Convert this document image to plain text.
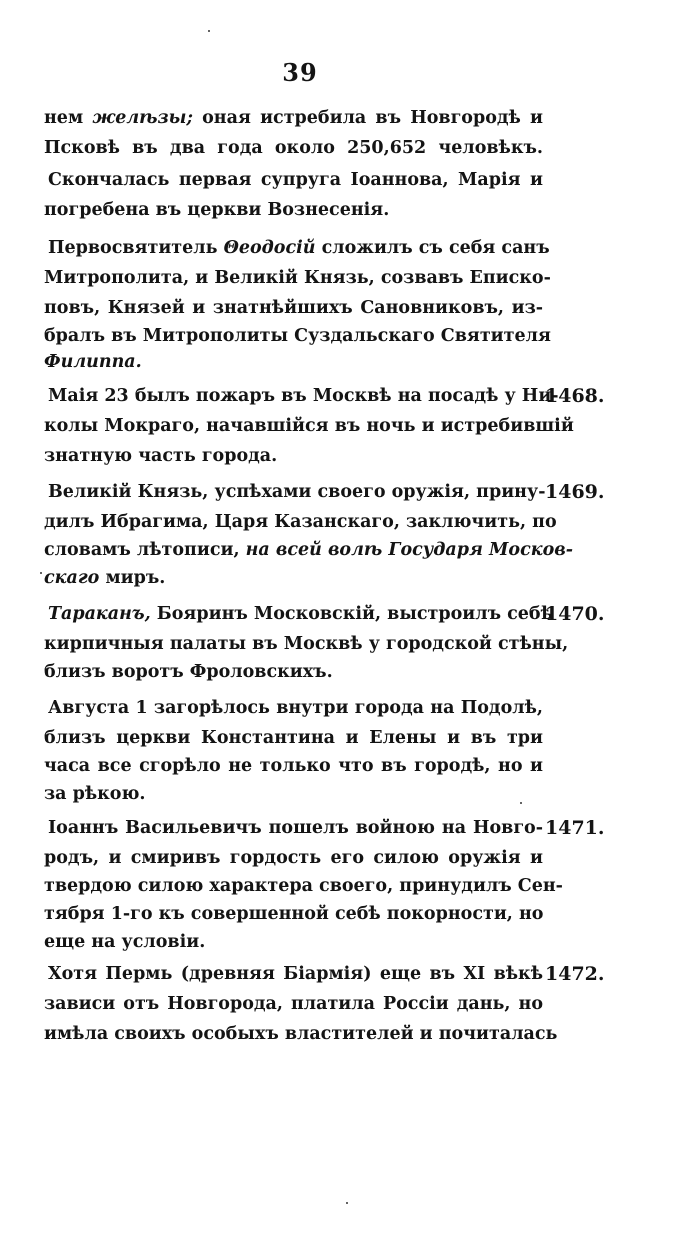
39
нем желѣзы; оная истребила въ Новгородѣ и
Псковѣ въ два года около 250,652 человѣкъ.
Скончалась первая супруга Іоаннова, Марія и
погребена въ церкви Вознесенія.
Первосвятитель Θеодосій сложилъ съ себя санъ
Митрополита, и Великій Князь, созвавъ Еписко-
повъ, Князей и знатнѣйшихъ Сановниковъ, из-
бралъ въ Митрополиты Суздальскаго Святителя
Филиппа.
Маія 23 былъ пожаръ въ Москвѣ на посадѣ у Ни-
1468.
колы Мокраго, начавшійся въ ночь и истребившій
знатную часть города.
Великій Князь, успѣхами своего оружія, прину- 1469.
дилъ Ибрагима, Царя Казанскаго, заключить, по
словамъ лѣтописи, на всей волѣ Государя Москов-
скаго миръ.
Тараканъ, Бояринъ Московскій, выстроилъ себѣ
1470.
кирпичныя палаты въ Москвѣ у городской стѣны,
близъ воротъ Фроловскихъ.
Августа 1 загорѣлось внутри города на Подолѣ,
близъ церкви Константина и Елены и въ три
часа все сгорѣло не только что въ городѣ, но и
за рѣкою.
Іоаннъ Васильевичъ пошелъ войною на Новго- 1471.
родъ, и смиривъ гордость его силою оружія и
твердою силою характера своего, принудилъ Сен-
тября 1-го къ совершенной себѣ покорности, но
еще на условіи.
Хотя Пермь (древняя Біармія) еще въ XI вѣкѣ 1472.
зависи отъ Новгорода, платила Россіи дань, но
имѣла своихъ особыхъ властителей и почиталась
